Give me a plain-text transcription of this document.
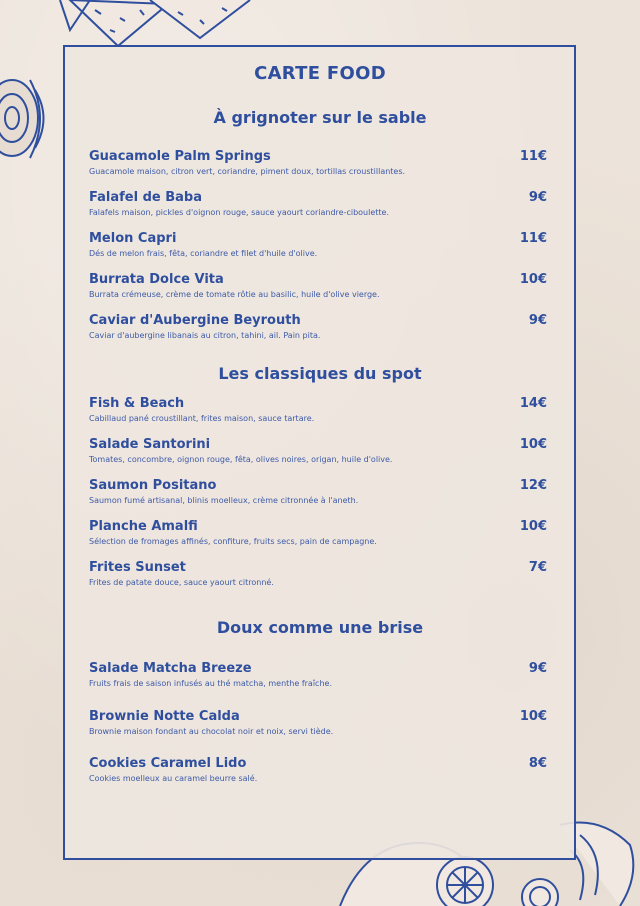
CARTE FOOD
À grignoter sur le sable
Guacamole Palm Springs	11€
Guacamole maison, citron vert, coriandre, piment doux, tortillas croustillantes.
Falafel de Baba	9€
Falafels maison, pickles d'oignon rouge, sauce yaourt coriandre-ciboulette.
Melon Capri	11€
Dés de melon frais, fêta, coriandre et filet d'huile d'olive.
Burrata Dolce Vita	10€
Burrata crémeuse, crème de tomate rôtie au basilic, huile d'olive vierge.
Caviar d'Aubergine Beyrouth	9€
Caviar d'aubergine libanais au citron, tahini, ail. Pain pita.
Les classiques du spot
Fish & Beach	14€
Cabillaud pané croustillant, frites maison, sauce tartare.
Salade Santorini	10€
Tomates, concombre, oignon rouge, fêta, olives noires, origan, huile d'olive.
Saumon Positano	12€
Saumon fumé artisanal, blinis moelleux, crème citronnée à l'aneth.
Planche Amalfi	10€
Sélection de fromages affinés, confiture, fruits secs, pain de campagne.
Frites Sunset	7€
Frites de patate douce, sauce yaourt citronné.
Doux comme une brise
Salade Matcha Breeze	9€
Fruits frais de saison infusés au thé matcha, menthe fraîche.
Brownie Notte Calda	10€
Brownie maison fondant au chocolat noir et noix, servi tiède.
Cookies Caramel Lido	8€
Cookies moelleux au caramel beurre salé.
